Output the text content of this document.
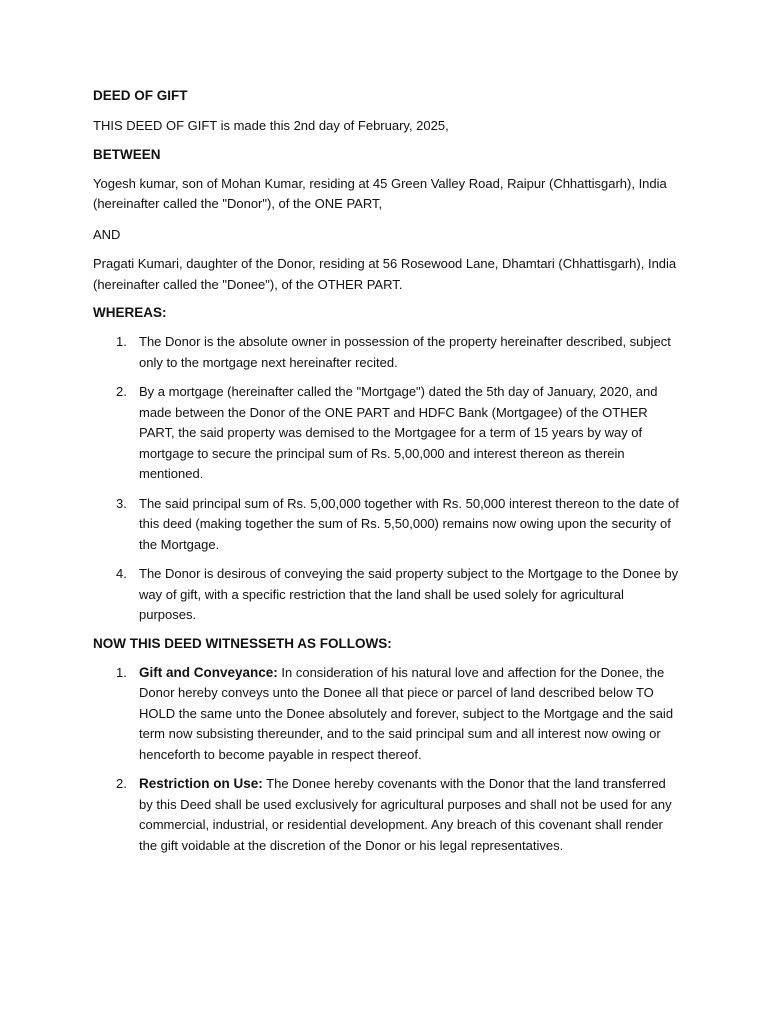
DEED OF GIFT

THIS DEED OF GIFT is made this 2nd day of February, 2025,

BETWEEN

Yogesh kumar, son of Mohan Kumar, residing at 45 Green Valley Road, Raipur (Chhattisgarh), India (hereinafter called the "Donor"), of the ONE PART,

AND

Pragati Kumari, daughter of the Donor, residing at 56 Rosewood Lane, Dhamtari (Chhattisgarh), India (hereinafter called the "Donee"), of the OTHER PART.

WHEREAS:

1. The Donor is the absolute owner in possession of the property hereinafter described, subject only to the mortgage next hereinafter recited.
2. By a mortgage (hereinafter called the "Mortgage") dated the 5th day of January, 2020, and made between the Donor of the ONE PART and HDFC Bank (Mortgagee) of the OTHER PART, the said property was demised to the Mortgagee for a term of 15 years by way of mortgage to secure the principal sum of Rs. 5,00,000 and interest thereon as therein mentioned.
3. The said principal sum of Rs. 5,00,000 together with Rs. 50,000 interest thereon to the date of this deed (making together the sum of Rs. 5,50,000) remains now owing upon the security of the Mortgage.
4. The Donor is desirous of conveying the said property subject to the Mortgage to the Donee by way of gift, with a specific restriction that the land shall be used solely for agricultural purposes.

NOW THIS DEED WITNESSETH AS FOLLOWS:

1. Gift and Conveyance: In consideration of his natural love and affection for the Donee, the Donor hereby conveys unto the Donee all that piece or parcel of land described below TO HOLD the same unto the Donee absolutely and forever, subject to the Mortgage and the said term now subsisting thereunder, and to the said principal sum and all interest now owing or henceforth to become payable in respect thereof.
2. Restriction on Use: The Donee hereby covenants with the Donor that the land transferred by this Deed shall be used exclusively for agricultural purposes and shall not be used for any commercial, industrial, or residential development. Any breach of this covenant shall render the gift voidable at the discretion of the Donor or his legal representatives.
